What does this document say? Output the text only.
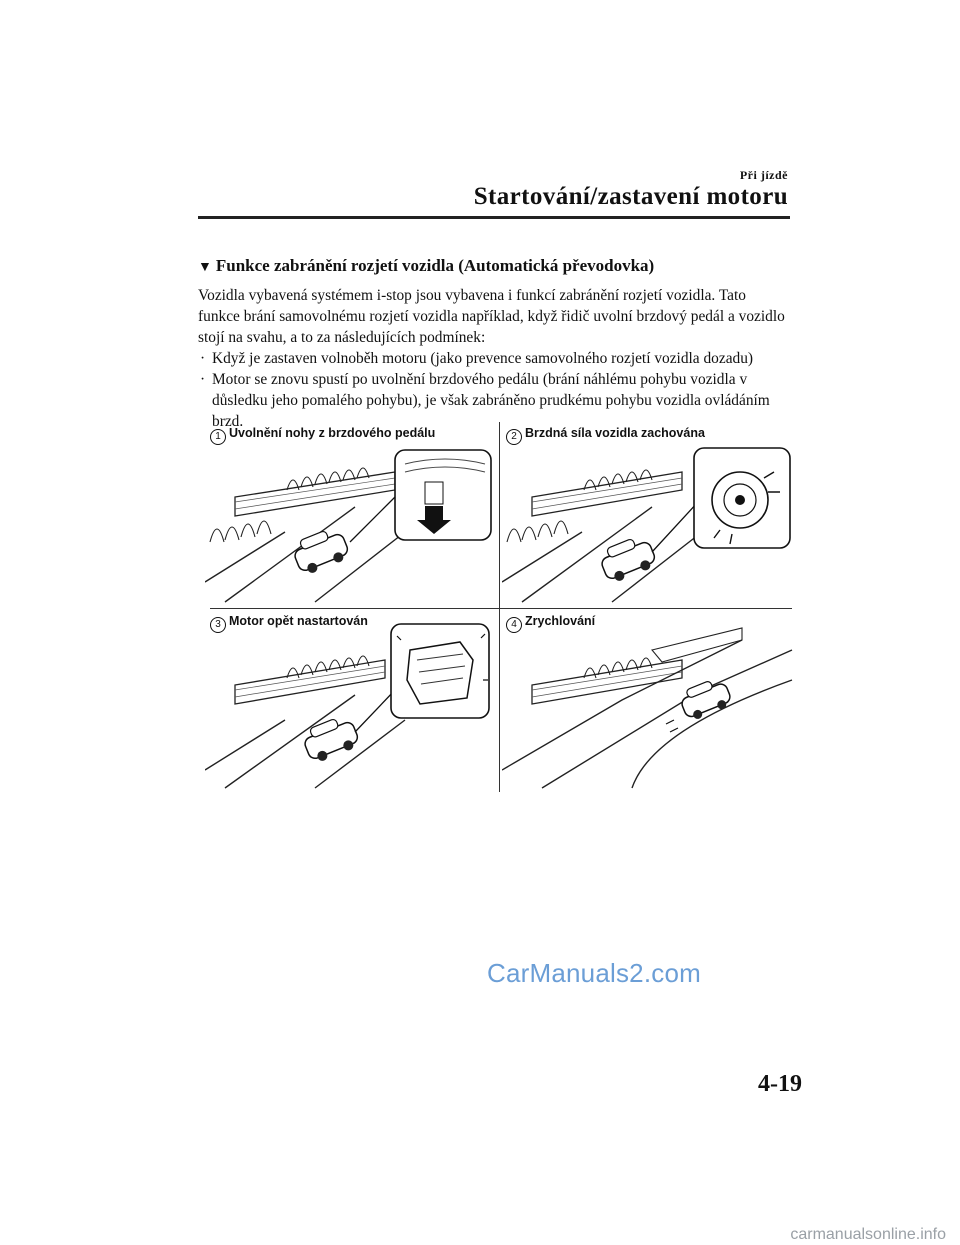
Při jízdě
Startování/zastavení motoru
▼ Funkce zabránění rozjetí vozidla (Automatická převodovka)
Vozidla vybavená systémem i-stop jsou vybavena i funkcí zabránění rozjetí vozidla. Tato funkce brání samovolnému rozjetí vozidla například, když řidič uvolní brzdový pedál a vozidlo stojí na svahu, a to za následujících podmínek:
· Když je zastaven volnoběh motoru (jako prevence samovolného rozjetí vozidla dozadu)
· Motor se znovu spustí po uvolnění brzdového pedálu (brání náhlému pohybu vozidla v důsledku jeho pomalého pohybu), je však zabráněno prudkému pohybu vozidla ovládáním brzd.
1 Uvolnění nohy z brzdového pedálu	2 Brzdná síla vozidla zachována
3 Motor opět nastartován	4 Zrychlování
CarManuals2.com
4-19
carmanualsonline.info
